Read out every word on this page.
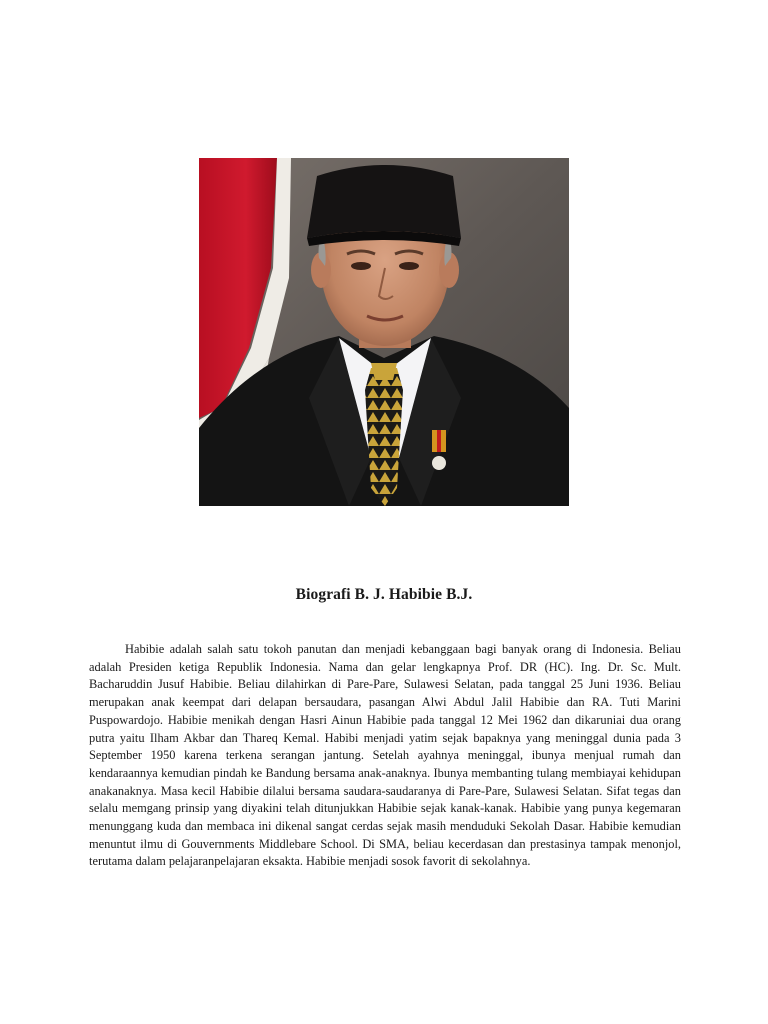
Biografi B. J. Habibie B.J.

Habibie adalah salah satu tokoh panutan dan menjadi kebanggaan bagi banyak orang di Indonesia. Beliau adalah Presiden ketiga Republik Indonesia. Nama dan gelar lengkapnya Prof. DR (HC). Ing. Dr. Sc. Mult. Bacharuddin Jusuf Habibie. Beliau dilahirkan di Pare-Pare, Sulawesi Selatan, pada tanggal 25 Juni 1936. Beliau merupakan anak keempat dari delapan bersaudara, pasangan Alwi Abdul Jalil Habibie dan RA. Tuti Marini Puspowardojo. Habibie menikah dengan Hasri Ainun Habibie pada tanggal 12 Mei 1962 dan dikaruniai dua orang putra yaitu Ilham Akbar dan Thareq Kemal. Habibi menjadi yatim sejak bapaknya yang meninggal dunia pada 3 September 1950 karena terkena serangan jantung. Setelah ayahnya meninggal, ibunya menjual rumah dan kendaraannya kemudian pindah ke Bandung bersama anak-anaknya. Ibunya membanting tulang membiayai kehidupan anakanaknya. Masa kecil Habibie dilalui bersama saudara-saudaranya di Pare-Pare, Sulawesi Selatan. Sifat tegas dan selalu memgang prinsip yang diyakini telah ditunjukkan Habibie sejak kanak-kanak. Habibie yang punya kegemaran menunggang kuda dan membaca ini dikenal sangat cerdas sejak masih menduduki Sekolah Dasar. Habibie kemudian menuntut ilmu di Gouvernments Middlebare School. Di SMA, beliau kecerdasan dan prestasinya tampak menonjol, terutama dalam pelajaranpelajaran eksakta. Habibie menjadi sosok favorit di sekolahnya.
